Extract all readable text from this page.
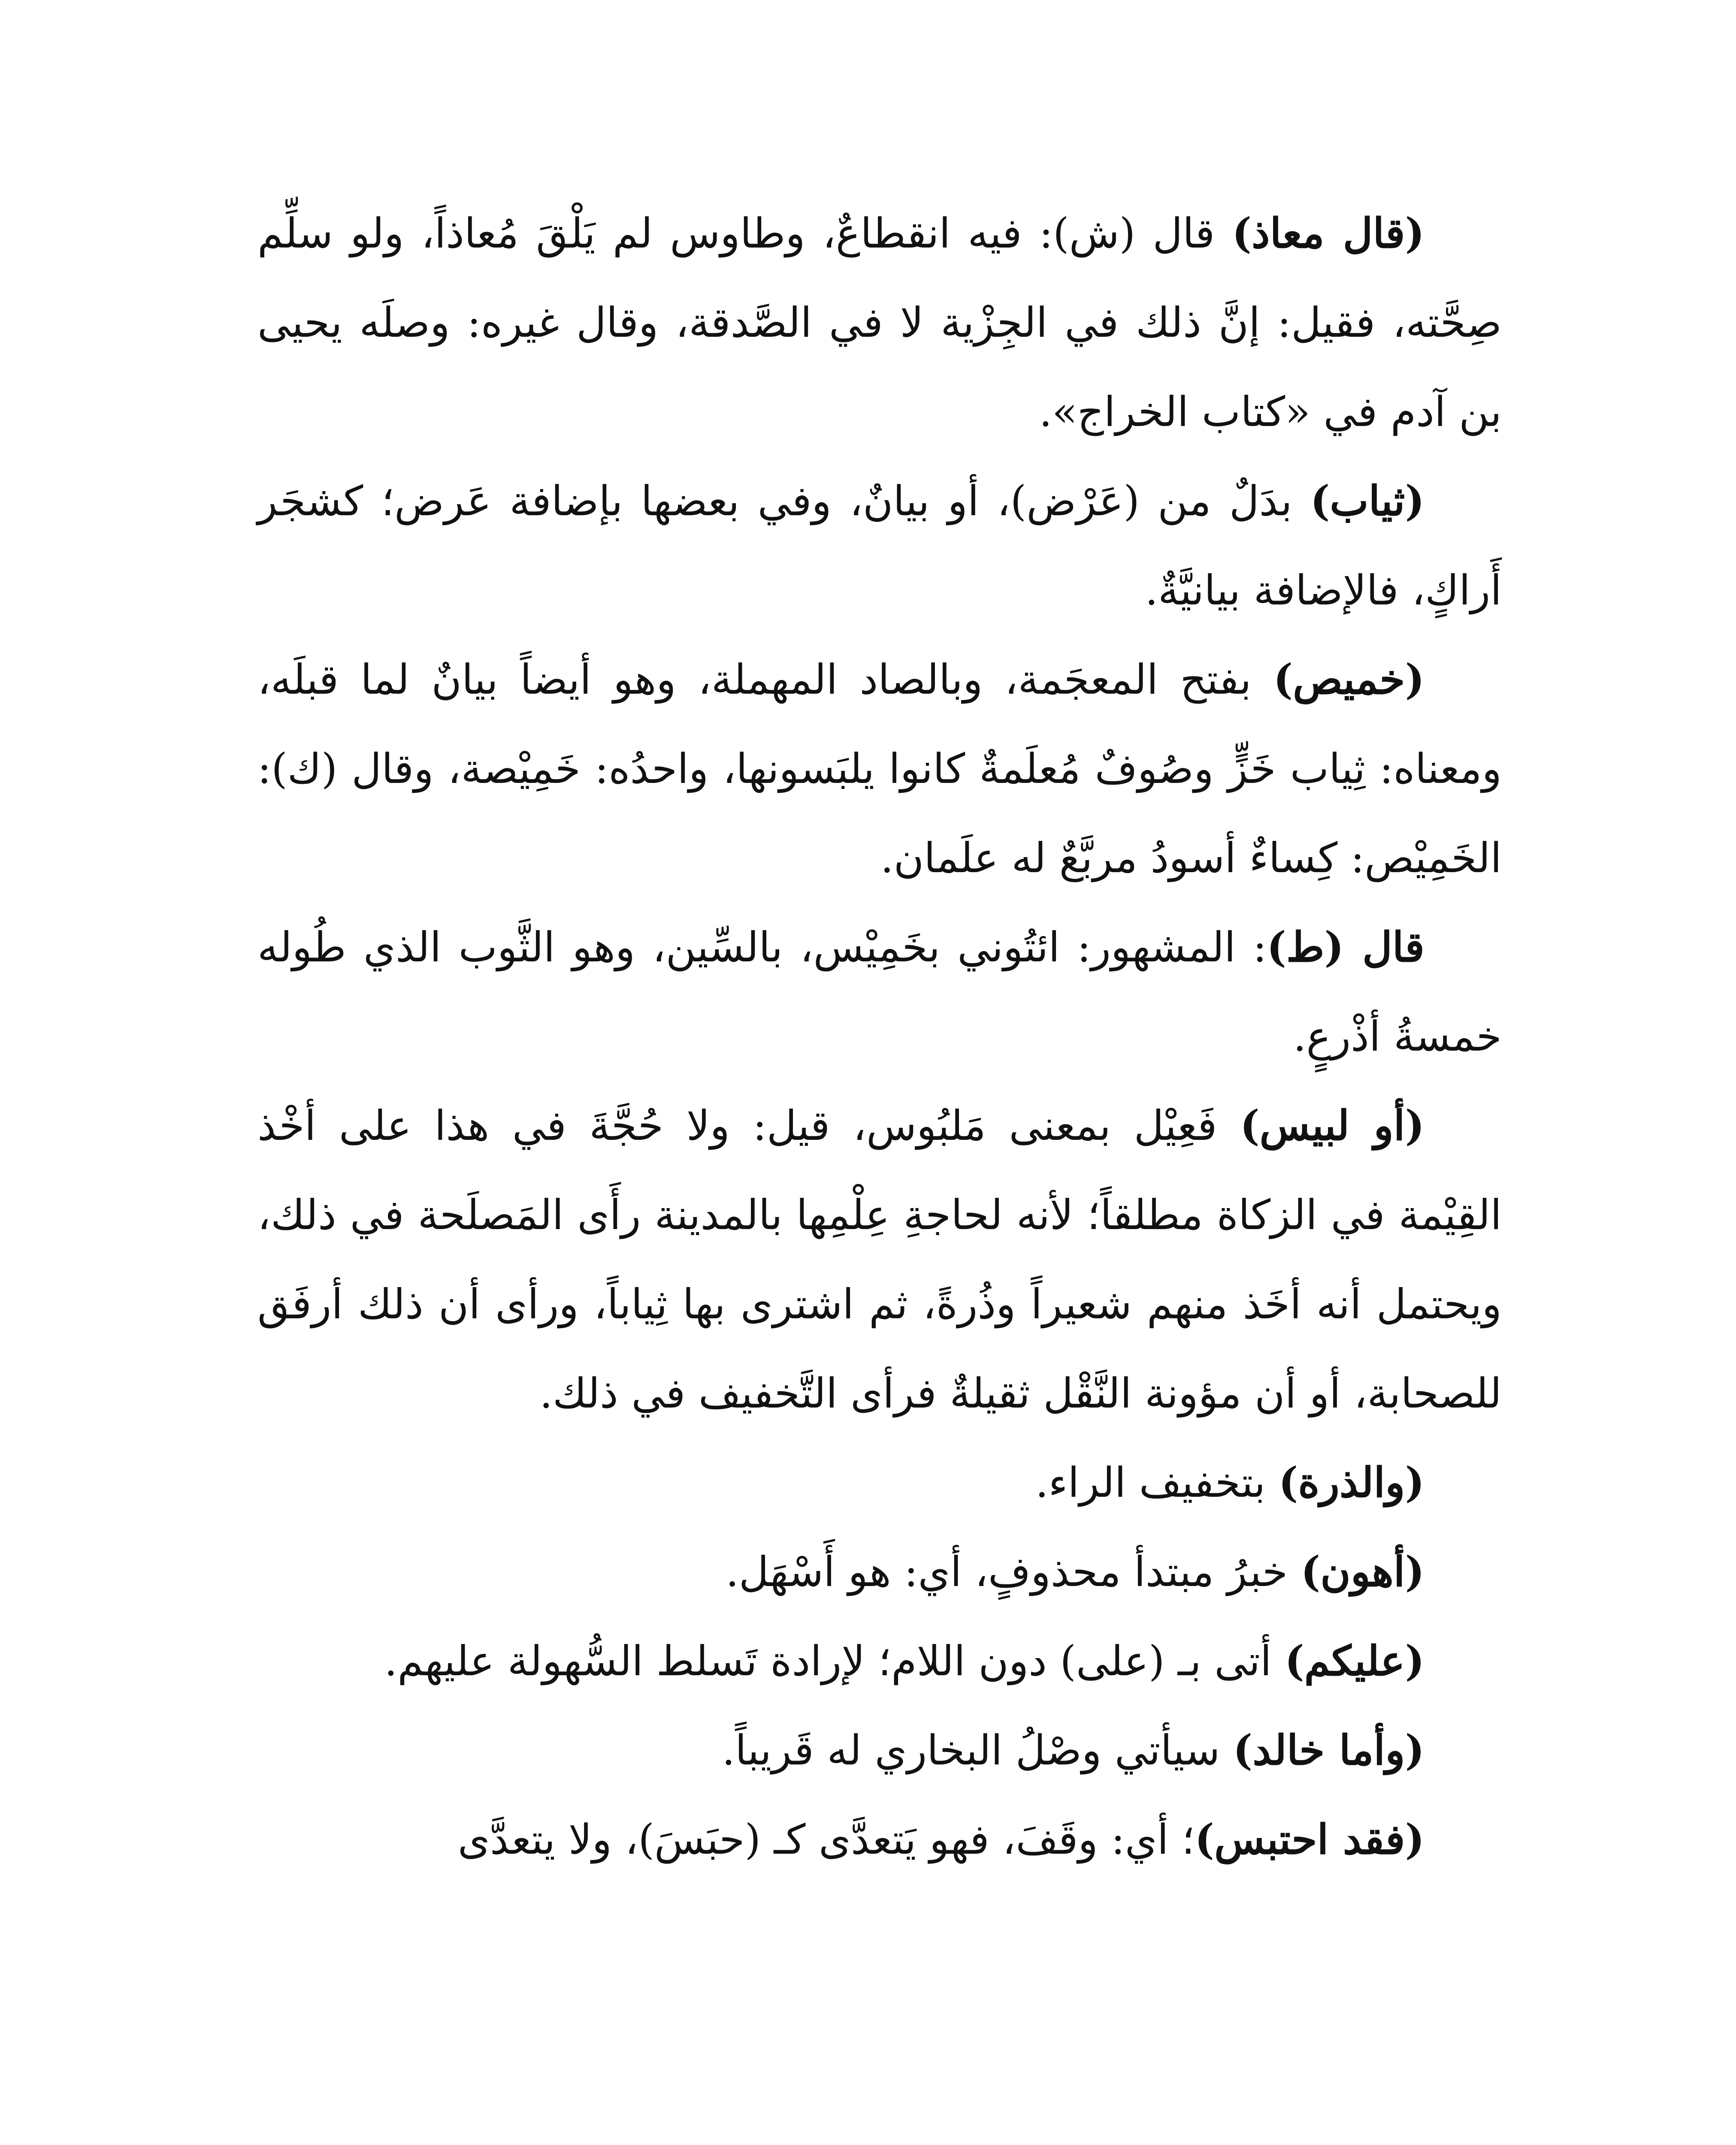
(قال معاذ) قال (ش): فيه انقطاعٌ، وطاوس لم يَلْقَ مُعاذاً، ولو سلِّم صِحَّته، فقيل: إنَّ ذلك في الجِزْية لا في الصَّدقة، وقال غيره: وصلَه يحيى بن آدم في «كتاب الخراج».

(ثياب) بدَلٌ من (عَرْض)، أو بيانٌ، وفي بعضها بإضافة عَرض؛ كشجَر أَراكٍ، فالإضافة بيانيَّةٌ.

(خميص) بفتح المعجَمة، وبالصاد المهملة، وهو أيضاً بيانٌ لما قبلَه، ومعناه: ثِياب خَزٍّ وصُوفٌ مُعلَمةٌ كانوا يلبَسونها، واحدُه: خَمِيْصة، وقال (ك): الخَمِيْص: كِساءٌ أسودُ مربَّعٌ له علَمان.

قال (ط): المشهور: ائتُوني بخَمِيْس، بالسِّين، وهو الثَّوب الذي طُوله خمسةُ أذْرعٍ.

(أو لبيس) فَعِيْل بمعنى مَلبُوس، قيل: ولا حُجَّةَ في هذا على أخْذ القِيْمة في الزكاة مطلقاً؛ لأنه لحاجةِ عِلْمِها بالمدينة رأَى المَصلَحة في ذلك، ويحتمل أنه أخَذ منهم شعيراً وذُرةً، ثم اشترى بها ثِياباً، ورأى أن ذلك أرفَق للصحابة، أو أن مؤونة النَّقْل ثقيلةٌ فرأى التَّخفيف في ذلك.

(والذرة) بتخفيف الراء.

(أهون) خبرُ مبتدأ محذوفٍ، أي: هو أَسْهَل.

(عليكم) أتى بـ (على) دون اللام؛ لإرادة تَسلط السُّهولة عليهم.

(وأما خالد) سيأتي وصْلُ البخاري له قَريباً.

(فقد احتبس)؛ أي: وقَفَ، فهو يَتعدَّى كـ (حبَسَ)، ولا يتعدَّى
